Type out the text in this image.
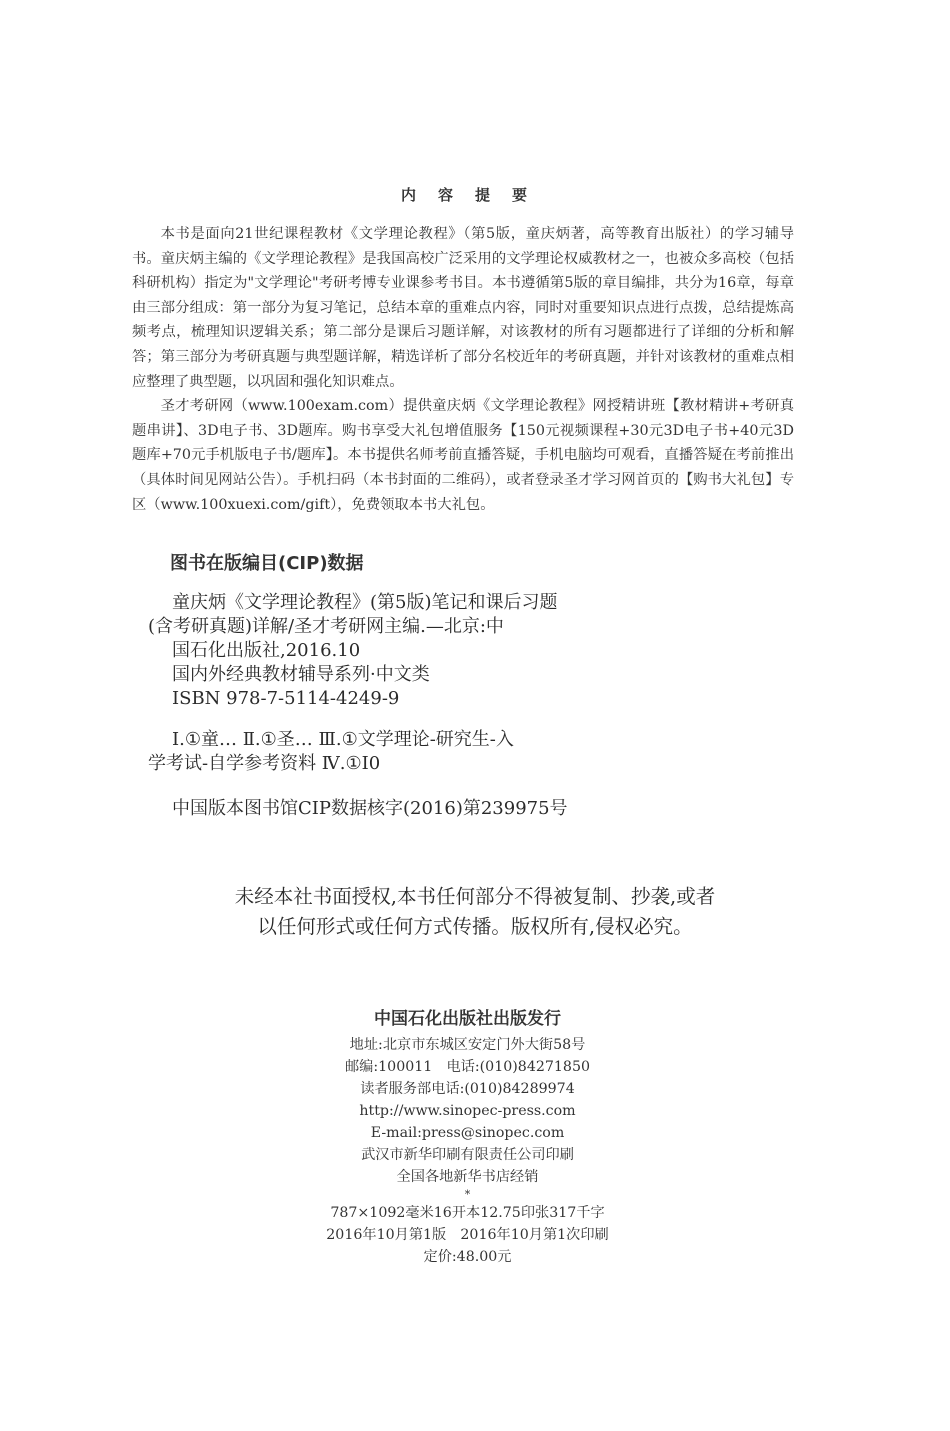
内容提要

本书是面向21世纪课程教材《文学理论教程》（第5版，童庆炳著，高等教育出版社）的学习辅导书。童庆炳主编的《文学理论教程》是我国高校广泛采用的文学理论权威教材之一，也被众多高校（包括科研机构）指定为"文学理论"考研考博专业课参考书目。本书遵循第5版的章目编排，共分为16章，每章由三部分组成：第一部分为复习笔记，总结本章的重难点内容，同时对重要知识点进行点拨，总结提炼高频考点，梳理知识逻辑关系；第二部分是课后习题详解，对该教材的所有习题都进行了详细的分析和解答；第三部分为考研真题与典型题详解，精选详析了部分名校近年的考研真题，并针对该教材的重难点相应整理了典型题，以巩固和强化知识难点。

圣才考研网（www.100exam.com）提供童庆炳《文学理论教程》网授精讲班【教材精讲+考研真题串讲】、3D电子书、3D题库。购书享受大礼包增值服务【150元视频课程+30元3D电子书+40元3D题库+70元手机版电子书/题库】。本书提供名师考前直播答疑，手机电脑均可观看，直播答疑在考前推出（具体时间见网站公告）。手机扫码（本书封面的二维码），或者登录圣才学习网首页的【购书大礼包】专区（www.100xuexi.com/gift），免费领取本书大礼包。

图书在版编目(CIP)数据

童庆炳《文学理论教程》(第5版)笔记和课后习题

(含考研真题)详解/圣才考研网主编.—北京:中

国石化出版社,2016.10

国内外经典教材辅导系列·中文类

ISBN 978-7-5114-4249-9

Ⅰ.①童… Ⅱ.①圣… Ⅲ.①文学理论-研究生-入

学考试-自学参考资料 Ⅳ.①I0

中国版本图书馆CIP数据核字(2016)第239975号

未经本社书面授权,本书任何部分不得被复制、抄袭,或者

以任何形式或任何方式传播。版权所有,侵权必究。

中国石化出版社出版发行

地址:北京市东城区安定门外大街58号

邮编:100011　电话:(010)84271850

读者服务部电话:(010)84289974

http://www.sinopec-press.com

E-mail:press@sinopec.com

武汉市新华印刷有限责任公司印刷

全国各地新华书店经销

*

787×1092毫米16开本12.75印张317千字

2016年10月第1版　2016年10月第1次印刷

定价:48.00元
